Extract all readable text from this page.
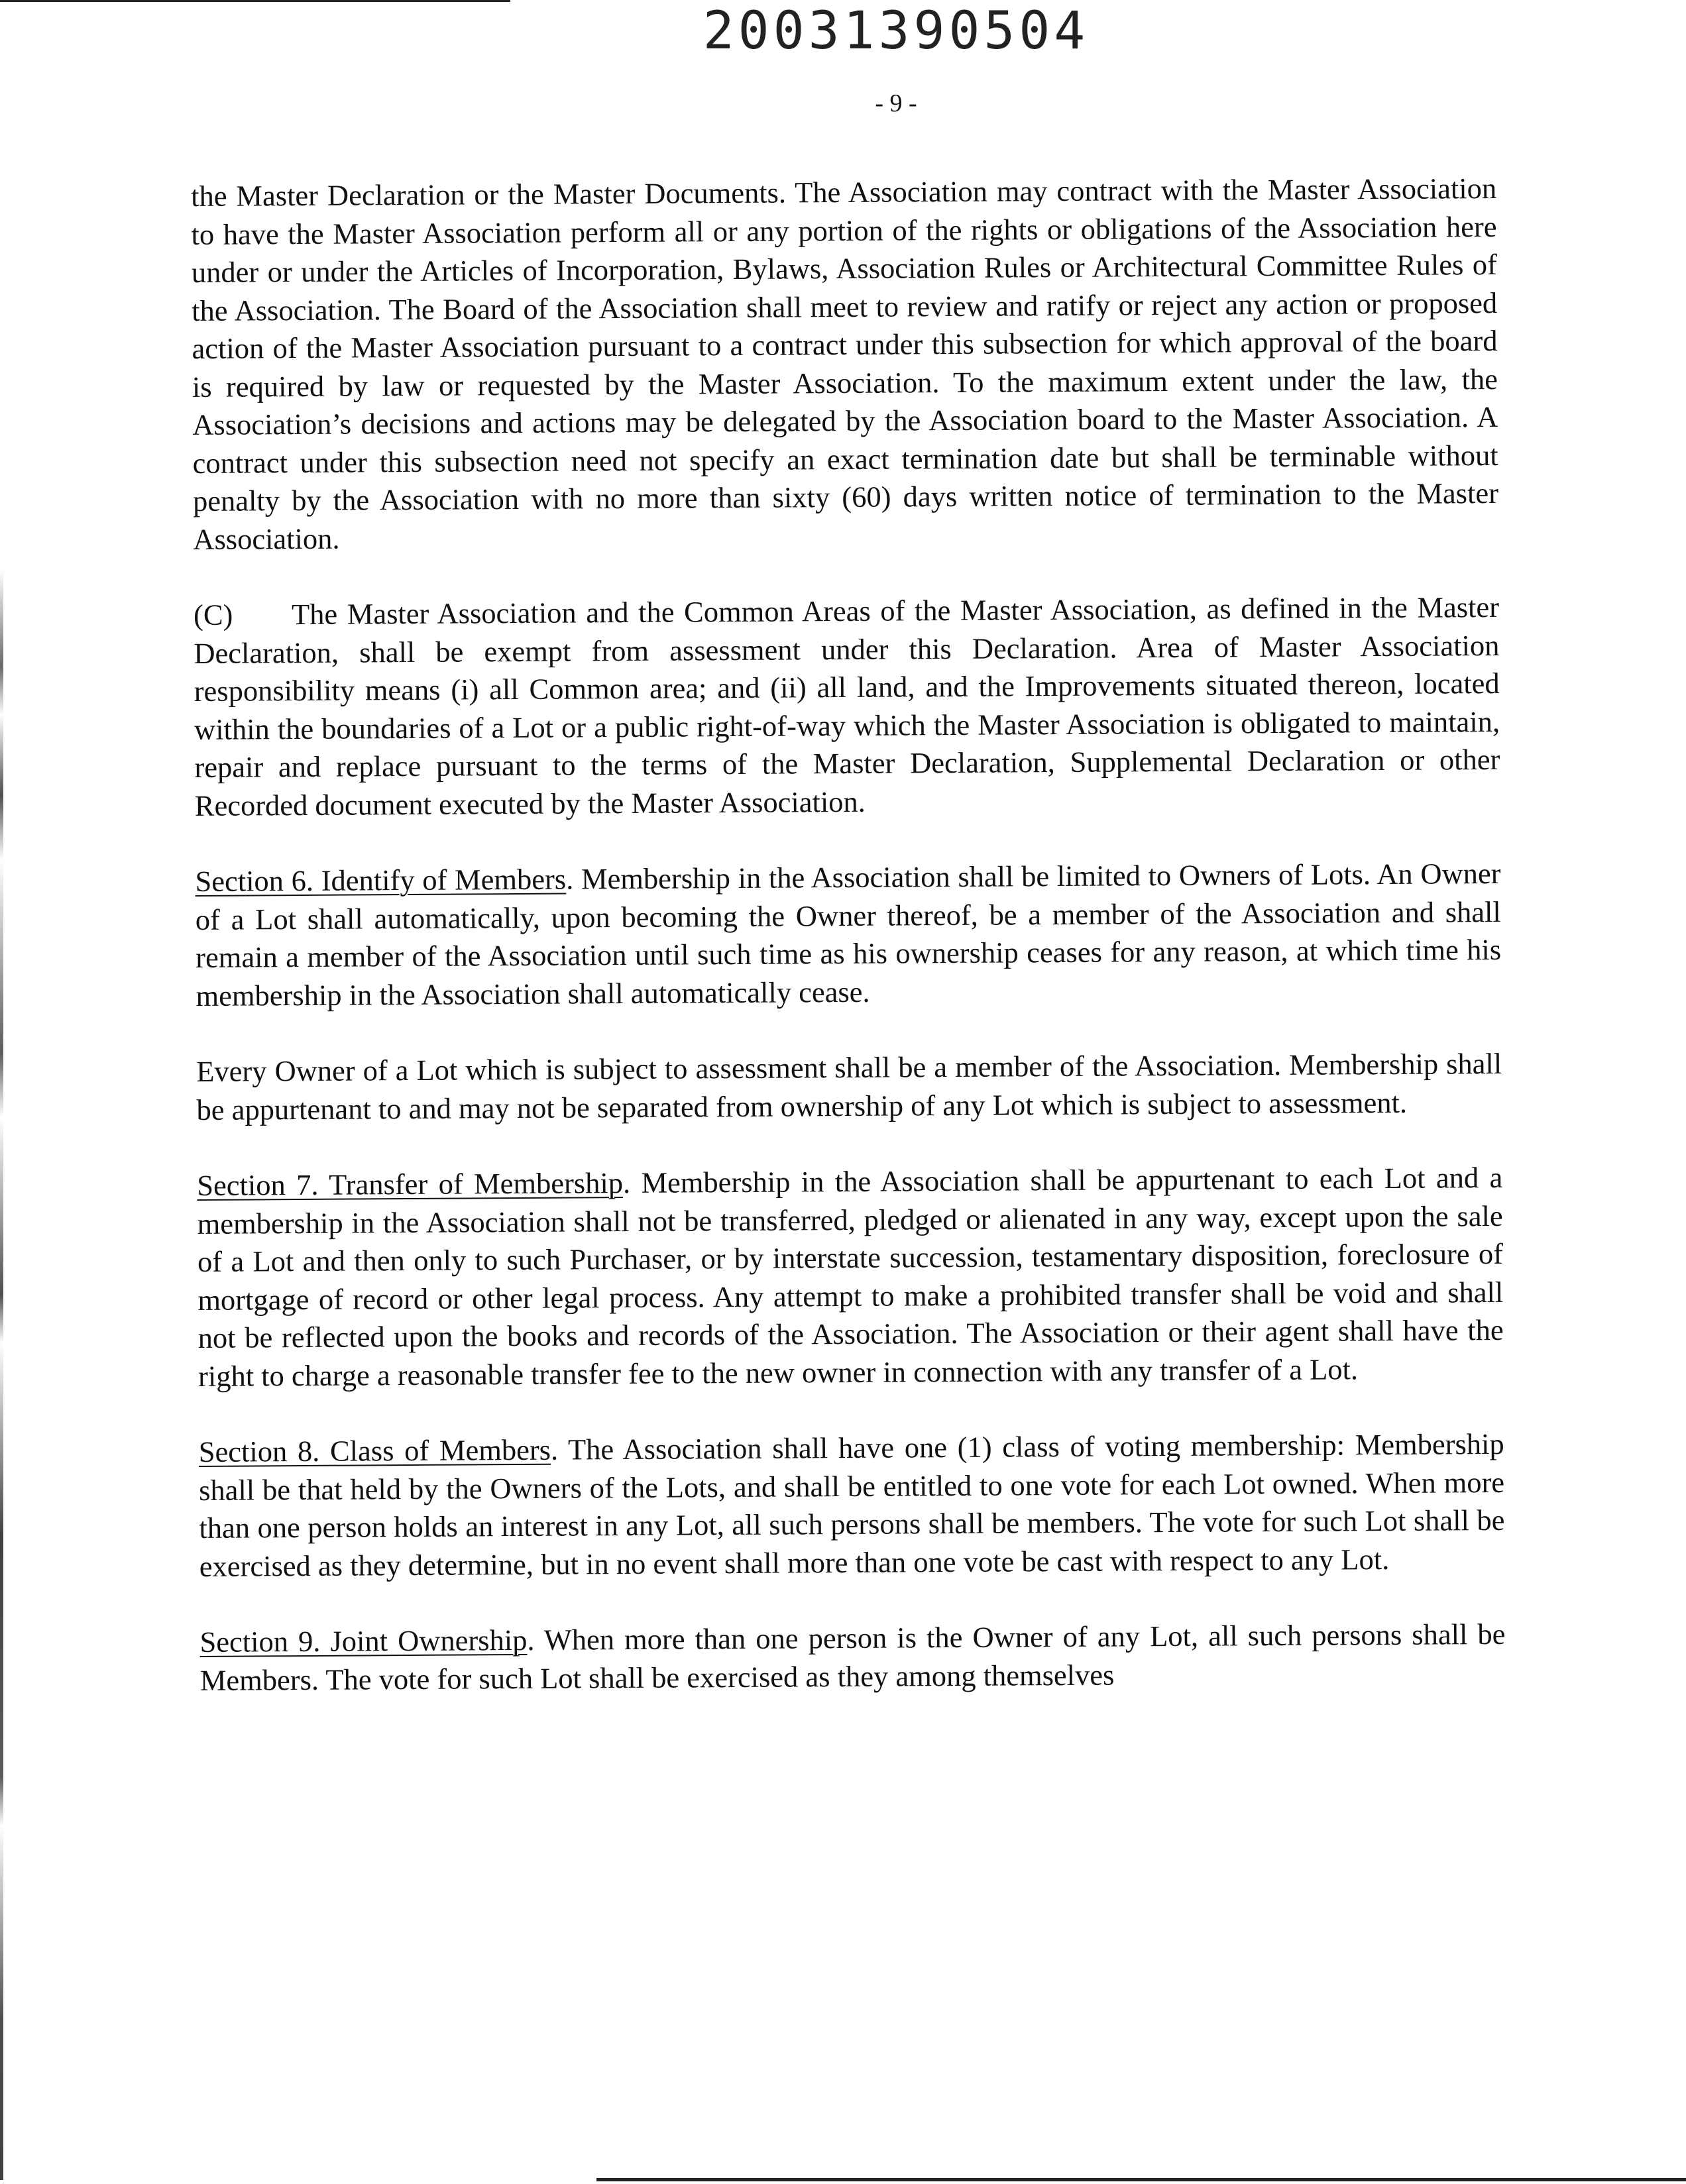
20031390504
- 9 -

the Master Declaration or the Master Documents. The Association may contract with the Master Association to have the Master Association perform all or any portion of the rights or obligations of the Association here under or under the Articles of Incorporation, Bylaws, Association Rules or Architectural Committee Rules of the Association. The Board of the Association shall meet to review and ratify or reject any action or proposed action of the Master Association pursuant to a contract under this subsection for which approval of the board is required by law or requested by the Master Association. To the maximum extent under the law, the Association’s decisions and actions may be delegated by the Association board to the Master Association. A contract under this subsection need not specify an exact termination date but shall be terminable without penalty by the Association with no more than sixty (60) days written notice of termination to the Master Association.

(C) The Master Association and the Common Areas of the Master Association, as defined in the Master Declaration, shall be exempt from assessment under this Declaration. Area of Master Association responsibility means (i) all Common area; and (ii) all land, and the Improvements situated thereon, located within the boundaries of a Lot or a public right-of-way which the Master Association is obligated to maintain, repair and replace pursuant to the terms of the Master Declaration, Supplemental Declaration or other Recorded document executed by the Master Association.

Section 6. Identify of Members. Membership in the Association shall be limited to Owners of Lots. An Owner of a Lot shall automatically, upon becoming the Owner thereof, be a member of the Association and shall remain a member of the Association until such time as his ownership ceases for any reason, at which time his membership in the Association shall automatically cease.

Every Owner of a Lot which is subject to assessment shall be a member of the Association. Membership shall be appurtenant to and may not be separated from ownership of any Lot which is subject to assessment.

Section 7. Transfer of Membership. Membership in the Association shall be appurtenant to each Lot and a membership in the Association shall not be transferred, pledged or alienated in any way, except upon the sale of a Lot and then only to such Purchaser, or by interstate succession, testamentary disposition, foreclosure of mortgage of record or other legal process. Any attempt to make a prohibited transfer shall be void and shall not be reflected upon the books and records of the Association. The Association or their agent shall have the right to charge a reasonable transfer fee to the new owner in connection with any transfer of a Lot.

Section 8. Class of Members. The Association shall have one (1) class of voting membership: Membership shall be that held by the Owners of the Lots, and shall be entitled to one vote for each Lot owned. When more than one person holds an interest in any Lot, all such persons shall be members. The vote for such Lot shall be exercised as they determine, but in no event shall more than one vote be cast with respect to any Lot.

Section 9. Joint Ownership. When more than one person is the Owner of any Lot, all such persons shall be Members. The vote for such Lot shall be exercised as they among themselves
